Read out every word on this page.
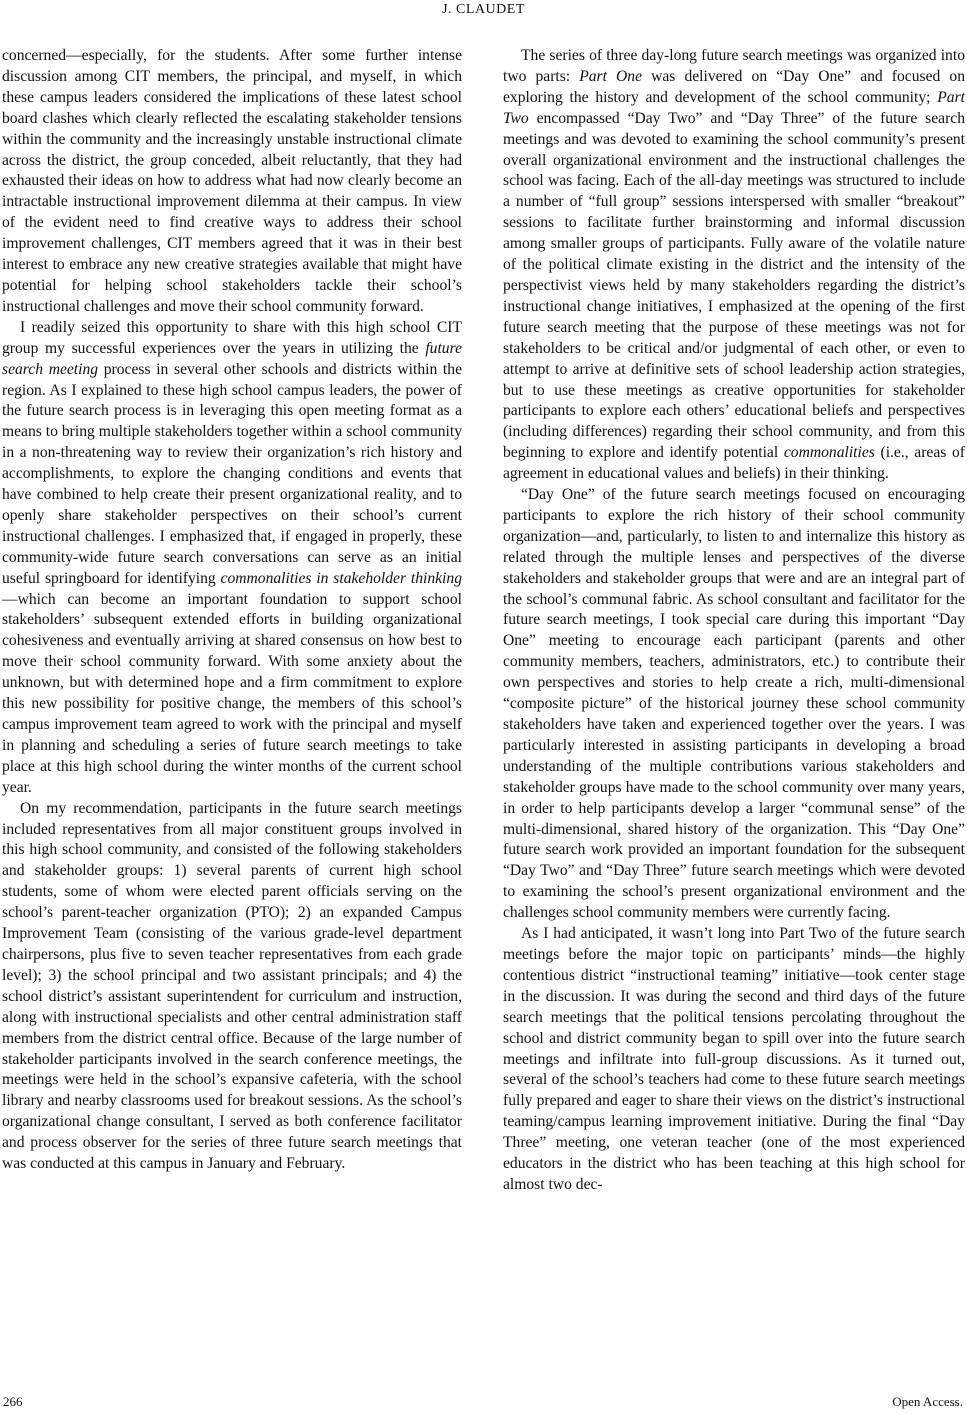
J. CLAUDET

concerned—especially, for the students. After some further intense discussion among CIT members, the principal, and myself, in which these campus leaders considered the implications of these latest school board clashes which clearly reflected the escalating stakeholder tensions within the community and the increasingly unstable instructional climate across the district, the group conceded, albeit reluctantly, that they had exhausted their ideas on how to address what had now clearly become an intractable instructional improvement dilemma at their campus. In view of the evident need to find creative ways to address their school improvement challenges, CIT members agreed that it was in their best interest to embrace any new creative strategies available that might have potential for helping school stakeholders tackle their school’s instructional challenges and move their school community forward.

I readily seized this opportunity to share with this high school CIT group my successful experiences over the years in utilizing the future search meeting process in several other schools and districts within the region. As I explained to these high school campus leaders, the power of the future search process is in leveraging this open meeting format as a means to bring multiple stakeholders together within a school community in a non-threatening way to review their organization’s rich history and accomplishments, to explore the changing conditions and events that have combined to help create their present organizational reality, and to openly share stakeholder perspectives on their school’s current instructional challenges. I emphasized that, if engaged in properly, these community-wide future search conversations can serve as an initial useful springboard for identifying commonalities in stakeholder thinking—which can become an important foundation to support school stakeholders’ subsequent extended efforts in building organizational cohesiveness and eventually arriving at shared consensus on how best to move their school community forward. With some anxiety about the unknown, but with determined hope and a firm commitment to explore this new possibility for positive change, the members of this school’s campus improvement team agreed to work with the principal and myself in planning and scheduling a series of future search meetings to take place at this high school during the winter months of the current school year.

On my recommendation, participants in the future search meetings included representatives from all major constituent groups involved in this high school community, and consisted of the following stakeholders and stakeholder groups: 1) several parents of current high school students, some of whom were elected parent officials serving on the school’s parent-teacher organization (PTO); 2) an expanded Campus Improvement Team (consisting of the various grade-level department chairpersons, plus five to seven teacher representatives from each grade level); 3) the school principal and two assistant principals; and 4) the school district’s assistant superintendent for curriculum and instruction, along with instructional specialists and other central administration staff members from the district central office. Because of the large number of stakeholder participants involved in the search conference meetings, the meetings were held in the school’s expansive cafeteria, with the school library and nearby classrooms used for breakout sessions. As the school’s organizational change consultant, I served as both conference facilitator and process observer for the series of three future search meetings that was conducted at this campus in January and February.

The series of three day-long future search meetings was organized into two parts: Part One was delivered on “Day One” and focused on exploring the history and development of the school community; Part Two encompassed “Day Two” and “Day Three” of the future search meetings and was devoted to examining the school community’s present overall organizational environment and the instructional challenges the school was facing. Each of the all-day meetings was structured to include a number of “full group” sessions interspersed with smaller “breakout” sessions to facilitate further brainstorming and informal discussion among smaller groups of participants. Fully aware of the volatile nature of the political climate existing in the district and the intensity of the perspectivist views held by many stakeholders regarding the district’s instructional change initiatives, I emphasized at the opening of the first future search meeting that the purpose of these meetings was not for stakeholders to be critical and/or judgmental of each other, or even to attempt to arrive at definitive sets of school leadership action strategies, but to use these meetings as creative opportunities for stakeholder participants to explore each others’ educational beliefs and perspectives (including differences) regarding their school community, and from this beginning to explore and identify potential commonalities (i.e., areas of agreement in educational values and beliefs) in their thinking.

“Day One” of the future search meetings focused on encouraging participants to explore the rich history of their school community organization—and, particularly, to listen to and internalize this history as related through the multiple lenses and perspectives of the diverse stakeholders and stakeholder groups that were and are an integral part of the school’s communal fabric. As school consultant and facilitator for the future search meetings, I took special care during this important “Day One” meeting to encourage each participant (parents and other community members, teachers, administrators, etc.) to contribute their own perspectives and stories to help create a rich, multi-dimensional “composite picture” of the historical journey these school community stakeholders have taken and experienced together over the years. I was particularly interested in assisting participants in developing a broad understanding of the multiple contributions various stakeholders and stakeholder groups have made to the school community over many years, in order to help participants develop a larger “communal sense” of the multi-dimensional, shared history of the organization. This “Day One” future search work provided an important foundation for the subsequent “Day Two” and “Day Three” future search meetings which were devoted to examining the school’s present organizational environment and the challenges school community members were currently facing.

As I had anticipated, it wasn’t long into Part Two of the future search meetings before the major topic on participants’ minds—the highly contentious district “instructional teaming” initiative—took center stage in the discussion. It was during the second and third days of the future search meetings that the political tensions percolating throughout the school and district community began to spill over into the future search meetings and infiltrate into full-group discussions. As it turned out, several of the school’s teachers had come to these future search meetings fully prepared and eager to share their views on the district’s instructional teaming/campus learning improvement initiative. During the final “Day Three” meeting, one veteran teacher (one of the most experienced educators in the district who has been teaching at this high school for almost two dec-

266	Open Access.
